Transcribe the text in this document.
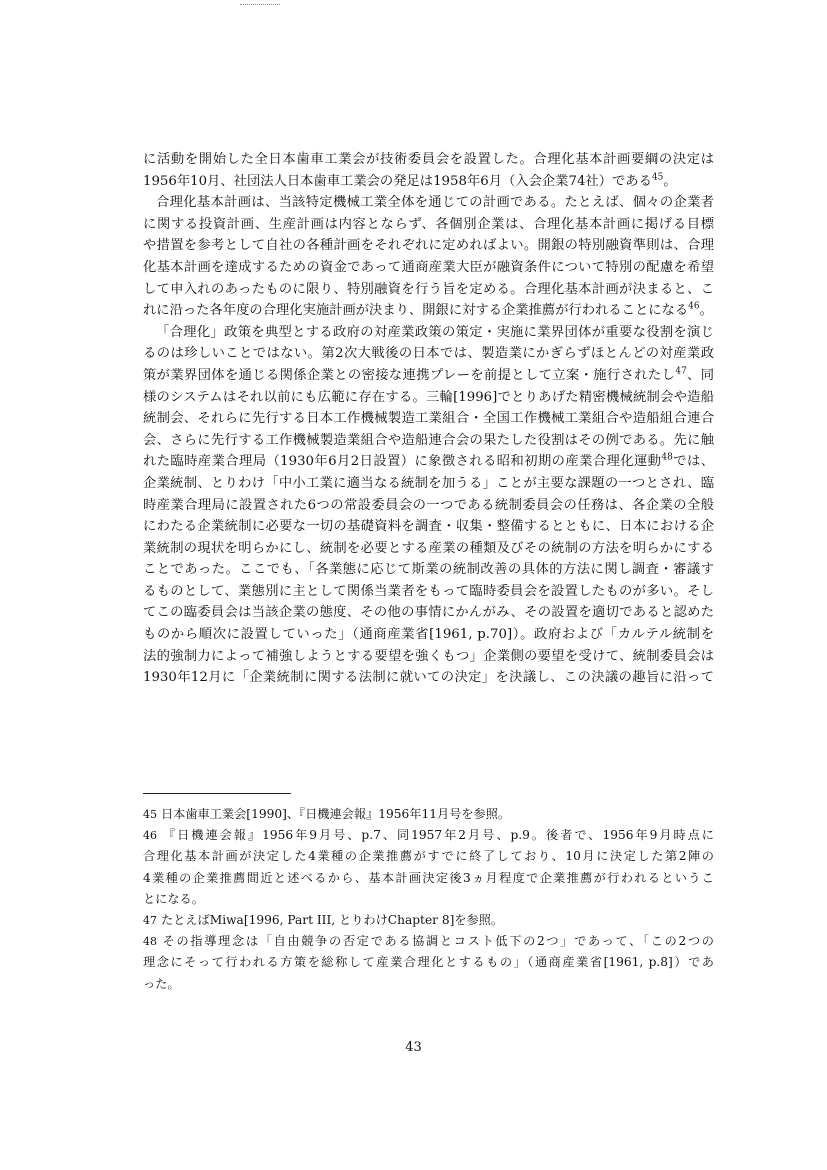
に活動を開始した全日本歯車工業会が技術委員会を設置した。合理化基本計画要綱の決定は
1956年10月、社団法人日本歯車工業会の発足は1958年6月（入会企業74社）である$^{45}$。
合理化基本計画は、当該特定機械工業全体を通じての計画である。たとえば、個々の企業者
に関する投資計画、生産計画は内容とならず、各個別企業は、合理化基本計画に掲げる目標
や措置を参考として自社の各種計画をそれぞれに定めればよい。開銀の特別融資準則は、合理
化基本計画を達成するための資金であって通商産業大臣が融資条件について特別の配慮を希望
して申入れのあったものに限り、特別融資を行う旨を定める。合理化基本計画が決まると、こ
れに沿った各年度の合理化実施計画が決まり、開銀に対する企業推薦が行われることになる$^{46}$。
「合理化」政策を典型とする政府の対産業政策の策定・実施に業界団体が重要な役割を演じ
るのは珍しいことではない。第2次大戦後の日本では、製造業にかぎらずほとんどの対産業政
策が業界団体を通じる関係企業との密接な連携プレーを前提として立案・施行されたし$^{47}$、同
様のシステムはそれ以前にも広範に存在する。三輪[1996]でとりあげた精密機械統制会や造船
統制会、それらに先行する日本工作機械製造工業組合・全国工作機械工業組合や造船組合連合
会、さらに先行する工作機械製造業組合や造船連合会の果たした役割はその例である。先に触
れた臨時産業合理局（1930年6月2日設置）に象徴される昭和初期の産業合理化運動$^{48}$では、
企業統制、とりわけ「中小工業に適当なる統制を加うる」ことが主要な課題の一つとされ、臨
時産業合理局に設置された6つの常設委員会の一つである統制委員会の任務は、各企業の全般
にわたる企業統制に必要な一切の基礎資料を調査・収集・整備するとともに、日本における企
業統制の現状を明らかにし、統制を必要とする産業の種類及びその統制の方法を明らかにする
ことであった。ここでも、「各業態に応じて斯業の統制改善の具体的方法に関し調査・審議す
るものとして、業態別に主として関係当業者をもって臨時委員会を設置したものが多い。そし
てこの臨委員会は当該企業の態度、その他の事情にかんがみ、その設置を適切であると認めた
ものから順次に設置していった」（通商産業省[1961, p.70]）。政府および「カルテル統制を
法的強制力によって補強しようとする要望を強くもつ」企業側の要望を受けて、統制委員会は
1930年12月に「企業統制に関する法制に就いての決定」を決議し、この決議の趣旨に沿って
45 日本歯車工業会[1990]、『日機連会報』1956年11月号を参照。
46 『日機連会報』1956年9月号、p.7、同1957年2月号、p.9。後者で、1956年9月時点に
合理化基本計画が決定した4業種の企業推薦がすでに終了しており、10月に決定した第2陣の
4業種の企業推薦間近と述べるから、基本計画決定後3ヵ月程度で企業推薦が行われるというこ
とになる。
47 たとえばMiwa[1996, Part III, とりわけChapter 8]を参照。
48 その指導理念は「自由競争の否定である協調とコスト低下の2つ」であって、「この2つの
理念にそって行われる方策を総称して産業合理化とするもの」（通商産業省[1961, p.8]）であ
った。
43
